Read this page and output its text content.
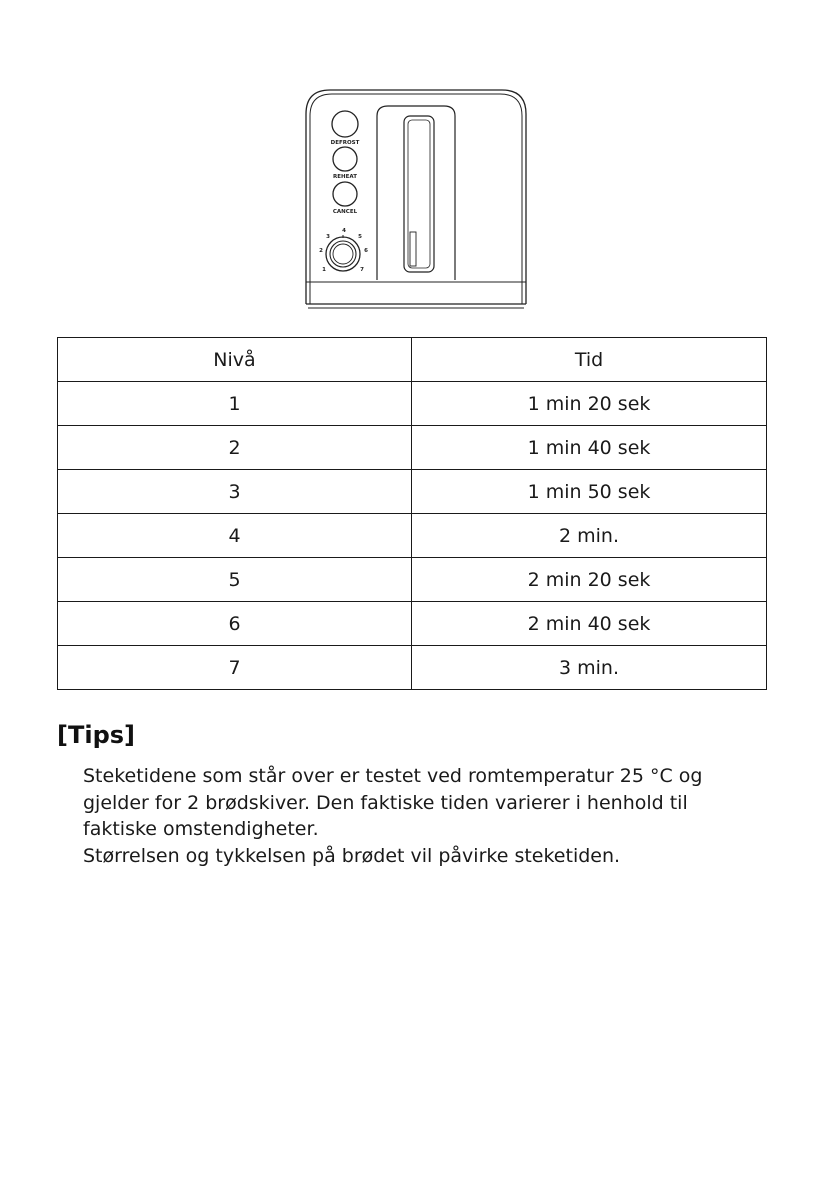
DEFROST
REHEAT
CANCEL
1
2
3
4
5
6
7
Nivå	Tid
1	1 min 20 sek
2	1 min 40 sek
3	1 min 50 sek
4	2 min.
5	2 min 20 sek
6	2 min 40 sek
7	3 min.
[Tips]

Steketidene som står over er testet ved romtemperatur 25 °C og gjelder for 2 brødskiver. Den faktiske tiden varierer i henhold til faktiske omstendigheter.

Størrelsen og tykkelsen på brødet vil påvirke steketiden.
